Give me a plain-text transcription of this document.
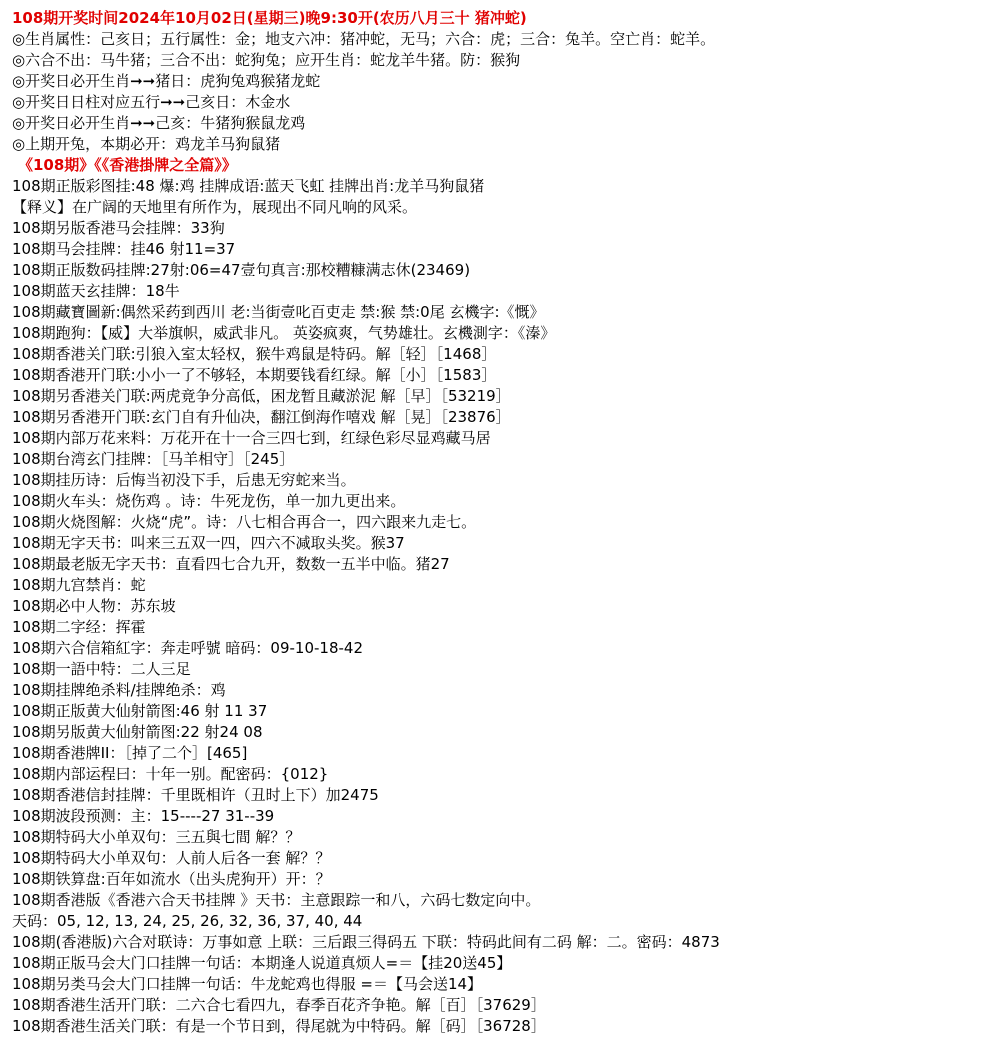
108期开奖时间2024年10月02日(星期三)晚9:30开(农历八月三十 猪冲蛇)
◎生肖属性：己亥日；五行属性：金；地支六冲：猪冲蛇，无马；六合：虎；三合：兔羊。空亡肖：蛇羊。
◎六合不出：马牛猪；三合不出：蛇狗兔；应开生肖：蛇龙羊牛猪。防：猴狗
◎开奖日必开生肖➞➞猪日：虎狗兔鸡猴猪龙蛇
◎开奖日日柱对应五行➞➞己亥日：木金水
◎开奖日必开生肖➞➞己亥：牛猪狗猴鼠龙鸡
◎上期开兔，本期必开：鸡龙羊马狗鼠猪
《108期》《《香港掛牌之全篇》》
108期正版彩图挂:48 爆:鸡 挂牌成语:蓝天飞虹 挂牌出肖:龙羊马狗鼠猪
【释义】在广阔的天地里有所作为，展现出不同凡响的风采。
108期另版香港马会挂牌：33狗
108期马会挂牌：挂46 射11=37
108期正版数码挂牌:27射:06=47壹句真言:那校糟糠满志休(23469)
108期蓝天玄挂牌：18牛
108期藏寶圖新:偶然采药到西川 老:当街壹叱百吏走 禁:猴 禁:0尾 玄機字:《慨》
108期跑狗：【威】大举旗帜，威武非凡。 英姿疯爽，气势雄壮。玄機測字：《溱》
108期香港关门联:引狼入室太轻权，猴牛鸡鼠是特码。解［轻］［1468］
108期香港开门联:小小一了不够轻，本期要钱看红绿。解［小］［1583］
108期另香港关门联:两虎竟争分高低，困龙暂且藏淤泥 解［早］［53219］
108期另香港开门联:玄门自有升仙决，翻江倒海作嘻戏 解［晃］［23876］
108期内部万花来料：万花开在十一合三四七到，红绿色彩尽显鸡藏马居
108期台湾玄门挂牌：［马羊相守］［245］
108期挂历诗：后悔当初没下手，后患无穷蛇来当。
108期火车头：烧伤鸡 。诗：牛死龙伤，单一加九更出来。
108期火烧图解：火烧“虎”。诗：八七相合再合一，四六跟来九走七。
108期无字天书：叫来三五双一四，四六不减取头奖。猴37
108期最老版无字天书：直看四七合九开，数数一五半中临。猪27
108期九宫禁肖：蛇
108期必中人物：苏东坡
108期二字经：挥霍
108期六合信箱紅字：奔走呼號 暗码：09-10-18-42
108期一語中特：二人三足
108期挂牌绝杀料/挂牌绝杀：鸡
108期正版黄大仙射箭图:46 射 11 37
108期另版黄大仙射箭图:22 射24 08
108期香港牌II：［掉了二个］[465]
108期内部运程曰：十年一别。配密码：{012}
108期香港信封挂牌：千里既相许（丑时上下）加2475
108期波段预测：主：15----27 31--39
108期特码大小单双句：三五與七間 解？？
108期特码大小单双句：人前人后各一套 解？？
108期铁算盘:百年如流水（出头虎狗开）开：？
108期香港版《香港六合天书挂牌 》天书：主意跟踪一和八，六码七数定向中。
天码：05, 12, 13, 24, 25, 26, 32, 36, 37, 40, 44
108期(香港版)六合对联诗：万事如意 上联：三后跟三得码五 下联：特码此间有二码 解：二。密码：4873
108期正版马会大门口挂牌一句话：本期逢人说道真烦人=＝【挂20送45】
108期另类马会大门口挂牌一句话：牛龙蛇鸡也得服 =＝【马会送14】
108期香港生活开门联：二六合七看四九，春季百花齐争艳。解［百］［37629］
108期香港生活关门联：有是一个节日到，得尾就为中特码。解［码］［36728］
